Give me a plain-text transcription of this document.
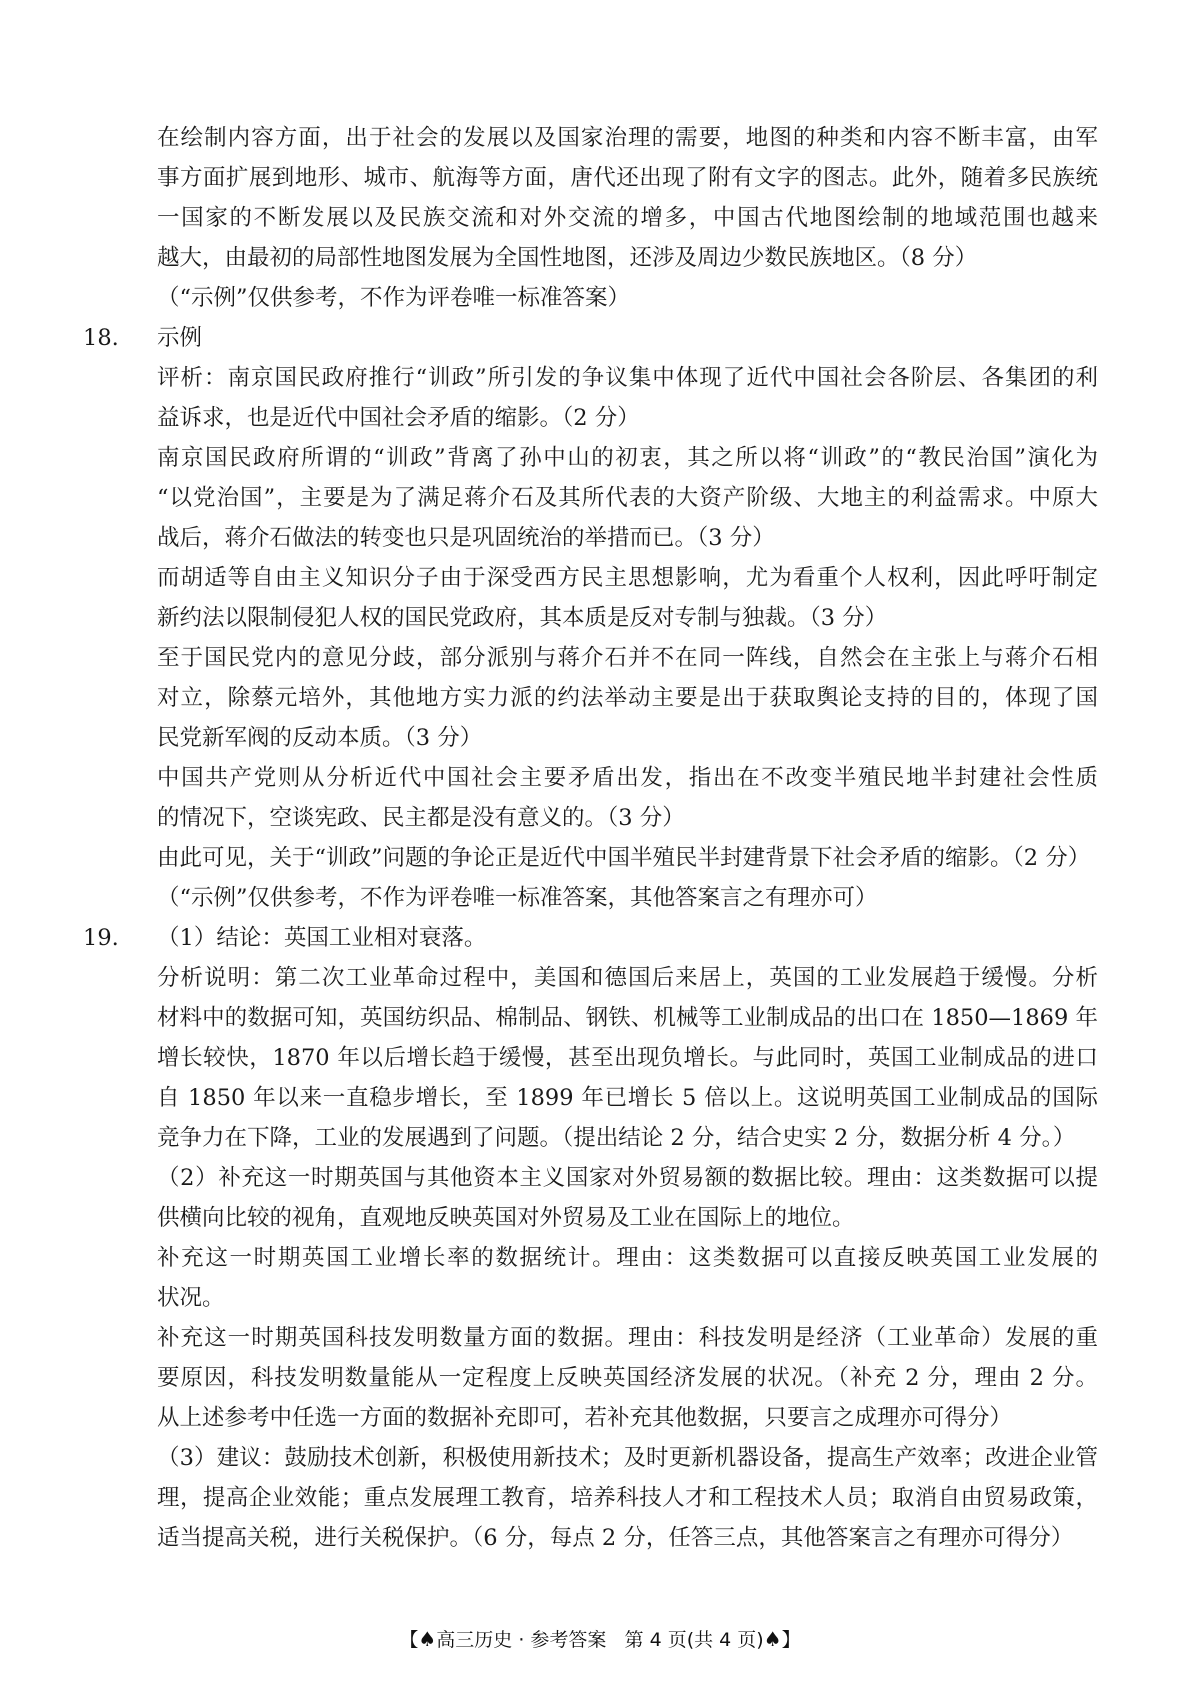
在绘制内容方面，出于社会的发展以及国家治理的需要，地图的种类和内容不断丰富，由军
事方面扩展到地形、城市、航海等方面，唐代还出现了附有文字的图志。此外，随着多民族统
一国家的不断发展以及民族交流和对外交流的增多，中国古代地图绘制的地域范围也越来
越大，由最初的局部性地图发展为全国性地图，还涉及周边少数民族地区。（8 分）
（“示例”仅供参考，不作为评卷唯一标准答案）
18. 示例
评析：南京国民政府推行“训政”所引发的争议集中体现了近代中国社会各阶层、各集团的利
益诉求，也是近代中国社会矛盾的缩影。（2 分）
南京国民政府所谓的“训政”背离了孙中山的初衷，其之所以将“训政”的“教民治国”演化为
“以党治国”，主要是为了满足蒋介石及其所代表的大资产阶级、大地主的利益需求。中原大
战后，蒋介石做法的转变也只是巩固统治的举措而已。（3 分）
而胡适等自由主义知识分子由于深受西方民主思想影响，尤为看重个人权利，因此呼吁制定
新约法以限制侵犯人权的国民党政府，其本质是反对专制与独裁。（3 分）
至于国民党内的意见分歧，部分派别与蒋介石并不在同一阵线，自然会在主张上与蒋介石相
对立，除蔡元培外，其他地方实力派的约法举动主要是出于获取舆论支持的目的，体现了国
民党新军阀的反动本质。（3 分）
中国共产党则从分析近代中国社会主要矛盾出发，指出在不改变半殖民地半封建社会性质
的情况下，空谈宪政、民主都是没有意义的。（3 分）
由此可见，关于“训政”问题的争论正是近代中国半殖民半封建背景下社会矛盾的缩影。（2 分）
（“示例”仅供参考，不作为评卷唯一标准答案，其他答案言之有理亦可）
19. （1）结论：英国工业相对衰落。
分析说明：第二次工业革命过程中，美国和德国后来居上，英国的工业发展趋于缓慢。分析
材料中的数据可知，英国纺织品、棉制品、钢铁、机械等工业制成品的出口在 1850—1869 年
增长较快，1870 年以后增长趋于缓慢，甚至出现负增长。与此同时，英国工业制成品的进口
自 1850 年以来一直稳步增长，至 1899 年已增长 5 倍以上。这说明英国工业制成品的国际
竞争力在下降，工业的发展遇到了问题。（提出结论 2 分，结合史实 2 分，数据分析 4 分。）
（2）补充这一时期英国与其他资本主义国家对外贸易额的数据比较。理由：这类数据可以提
供横向比较的视角，直观地反映英国对外贸易及工业在国际上的地位。
补充这一时期英国工业增长率的数据统计。理由：这类数据可以直接反映英国工业发展的
状况。
补充这一时期英国科技发明数量方面的数据。理由：科技发明是经济（工业革命）发展的重
要原因，科技发明数量能从一定程度上反映英国经济发展的状况。（补充 2 分，理由 2 分。
从上述参考中任选一方面的数据补充即可，若补充其他数据，只要言之成理亦可得分）
（3）建议：鼓励技术创新，积极使用新技术；及时更新机器设备，提高生产效率；改进企业管
理，提高企业效能；重点发展理工教育，培养科技人才和工程技术人员；取消自由贸易政策，
适当提高关税，进行关税保护。（6 分，每点 2 分，任答三点，其他答案言之有理亦可得分）
【♠高三历史 · 参考答案 第 4 页(共 4 页)♠】
